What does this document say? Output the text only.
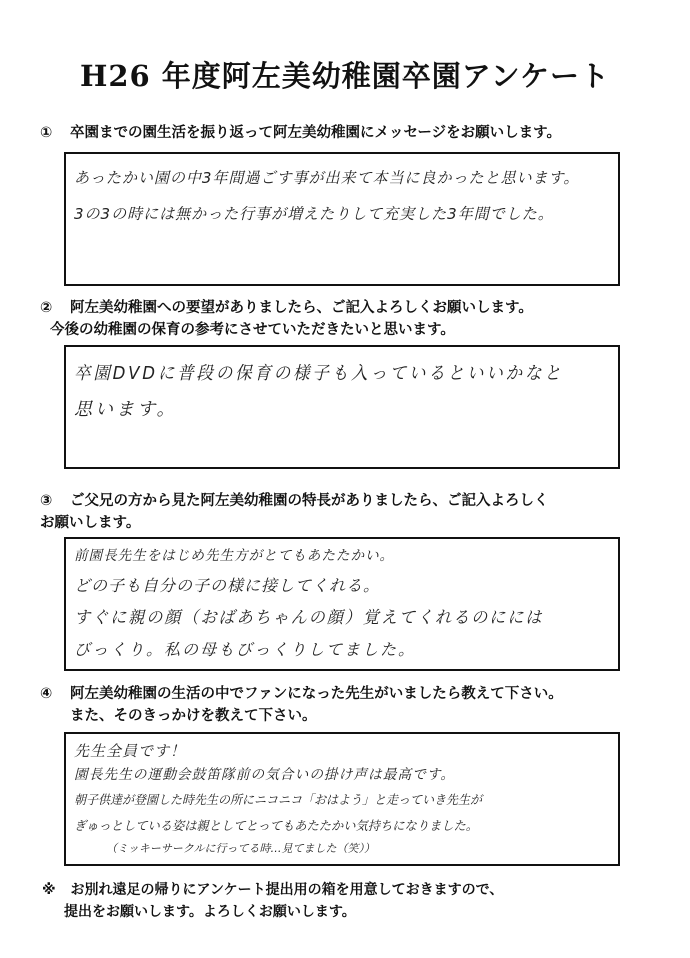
H26 年度阿左美幼稚園卒園アンケート
① 卒園までの園生活を振り返って阿左美幼稚園にメッセージをお願いします。
あったかい園の中3年間過ごす事が出来て本当に良かったと思います。
3の3の時には無かった行事が増えたりして充実した3年間でした。
② 阿左美幼稚園への要望がありましたら、ご記入よろしくお願いします。
今後の幼稚園の保育の参考にさせていただきたいと思います。
卒園DVDに普段の保育の様子も入っているといいかなと
思います。
③ ご父兄の方から見た阿左美幼稚園の特長がありましたら、ご記入よろしく
お願いします。
前園長先生をはじめ先生方がとてもあたたかい。
どの子も自分の子の様に接してくれる。
すぐに親の顔（おばあちゃんの顔）覚えてくれるのにには
びっくり。私の母もびっくりしてました。
④ 阿左美幼稚園の生活の中でファンになった先生がいましたら教えて下さい。
また、そのきっかけを教えて下さい。
先生全員です！
園長先生の運動会鼓笛隊前の気合いの掛け声は最高です。
朝子供達が登園した時先生の所にニコニコ「おはよう」と走っていき先生が
ぎゅっとしている姿は親としてとってもあたたかい気持ちになりました。
（ミッキーサークルに行ってる時…見てました（笑））
※ お別れ遠足の帰りにアンケート提出用の箱を用意しておきますので、
提出をお願いします。よろしくお願いします。
